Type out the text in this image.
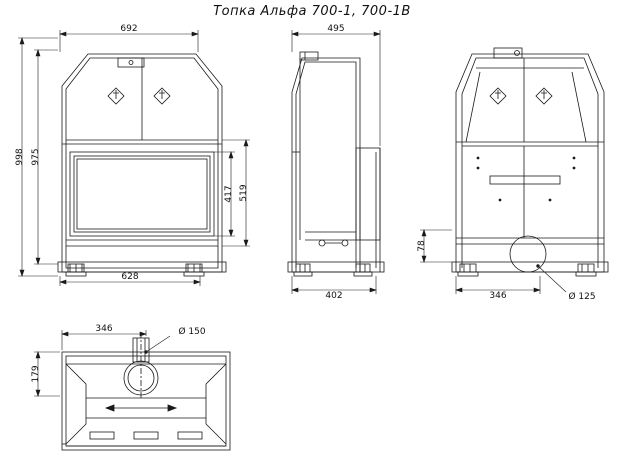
Топка Альфа 700-1, 700-1В
692
628
998 975
519
417
495
402
78
346	Ø 125
346
179
Ø 150
